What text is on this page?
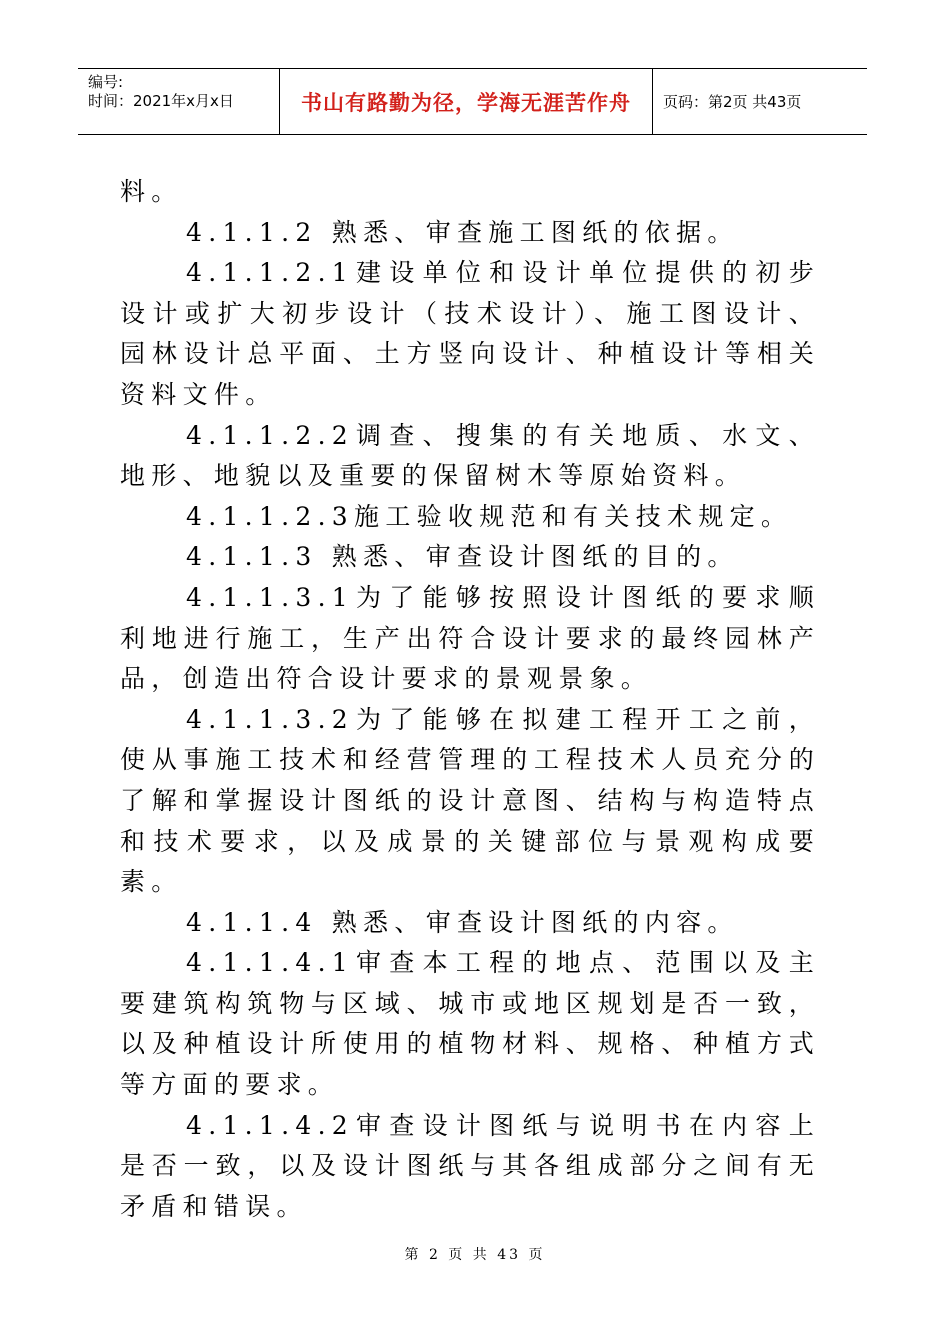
编号:
时间：2021年x月x日	书山有路勤为径，学海无涯苦作舟	页码：第2页 共43页

料。

4.1.1.2 熟悉、审查施工图纸的依据。

4.1.1.2.1建设单位和设计单位提供的初步设计或扩大初步设计（技术设计）、施工图设计、园林设计总平面、土方竖向设计、种植设计等相关资料文件。

4.1.1.2.2调查、搜集的有关地质、水文、地形、地貌以及重要的保留树木等原始资料。

4.1.1.2.3施工验收规范和有关技术规定。

4.1.1.3 熟悉、审查设计图纸的目的。

4.1.1.3.1为了能够按照设计图纸的要求顺利地进行施工，生产出符合设计要求的最终园林产品，创造出符合设计要求的景观景象。

4.1.1.3.2为了能够在拟建工程开工之前，使从事施工技术和经营管理的工程技术人员充分的了解和掌握设计图纸的设计意图、结构与构造特点和技术要求，以及成景的关键部位与景观构成要素。

4.1.1.4 熟悉、审查设计图纸的内容。

4.1.1.4.1审查本工程的地点、范围以及主要建筑构筑物与区域、城市或地区规划是否一致，以及种植设计所使用的植物材料、规格、种植方式等方面的要求。

4.1.1.4.2审查设计图纸与说明书在内容上是否一致，以及设计图纸与其各组成部分之间有无矛盾和错误。

第 2 页 共 43 页
